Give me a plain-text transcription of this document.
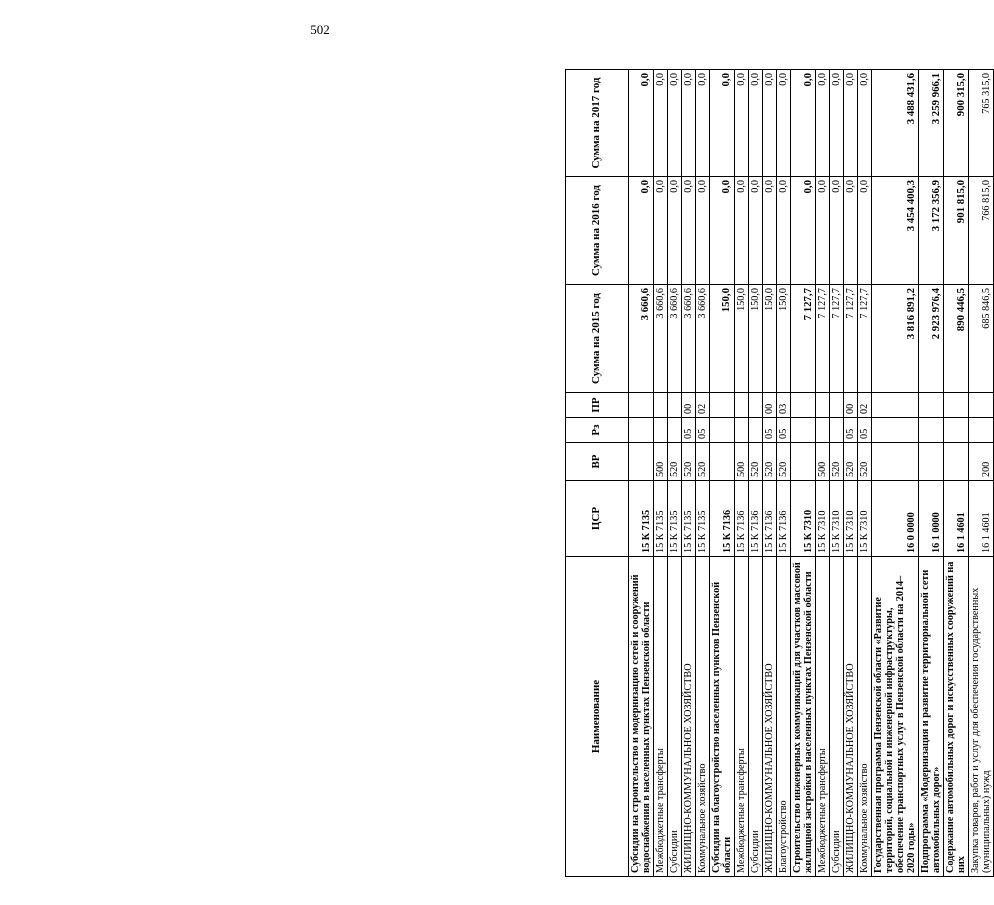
502
Наименование	ЦСР	ВР	Рз	ПР	Сумма на 2015 год	Сумма на 2016 год	Сумма на 2017 год
Субсидии на строительство и модернизацию сетей и сооружений водоснабжения в населенных пунктах Пензенской области	15 К 7135				3 660,6	0,0	0,0
Межбюджетные трансферты	15 К 7135	500			3 660,6	0,0	0,0
Субсидии	15 К 7135	520			3 660,6	0,0	0,0
ЖИЛИЩНО-КОММУНАЛЬНОЕ ХОЗЯЙСТВО	15 К 7135	520	05	00	3 660,6	0,0	0,0
Коммунальное хозяйство	15 К 7135	520	05	02	3 660,6	0,0	0,0
Субсидии на благоустройство населенных пунктов Пензенской области	15 К 7136				150,0	0,0	0,0
Межбюджетные трансферты	15 К 7136	500			150,0	0,0	0,0
Субсидии	15 К 7136	520			150,0	0,0	0,0
ЖИЛИЩНО-КОММУНАЛЬНОЕ ХОЗЯЙСТВО	15 К 7136	520	05	00	150,0	0,0	0,0
Благоустройство	15 К 7136	520	05	03	150,0	0,0	0,0
Строительство инженерных коммуникаций для участков массовой жилищной застройки в населенных пунктах Пензенской области	15 К 7310				7 127,7	0,0	0,0
Межбюджетные трансферты	15 К 7310	500			7 127,7	0,0	0,0
Субсидии	15 К 7310	520			7 127,7	0,0	0,0
ЖИЛИЩНО-КОММУНАЛЬНОЕ ХОЗЯЙСТВО	15 К 7310	520	05	00	7 127,7	0,0	0,0
Коммунальное хозяйство	15 К 7310	520	05	02	7 127,7	0,0	0,0
Государственная программа Пензенской области «Развитие территорий, социальной и инженерной инфраструктуры, обеспечение транспортных услуг в Пензенской области на 2014–2020 годы»	16 0 0000				3 816 891,2	3 454 400,3	3 488 431,6
Подпрограмма «Модернизация и развитие территориальной сети автомобильных дорог»	16 1 0000				2 923 976,4	3 172 356,9	3 259 966,1
Содержание автомобильных дорог и искусственных сооружений на них	16 1 4601				890 446,5	901 815,0	900 315,0
Закупка товаров, работ и услуг для обеспечения государственных (муниципальных) нужд	16 1 4601	200			685 846,5	766 815,0	765 315,0
